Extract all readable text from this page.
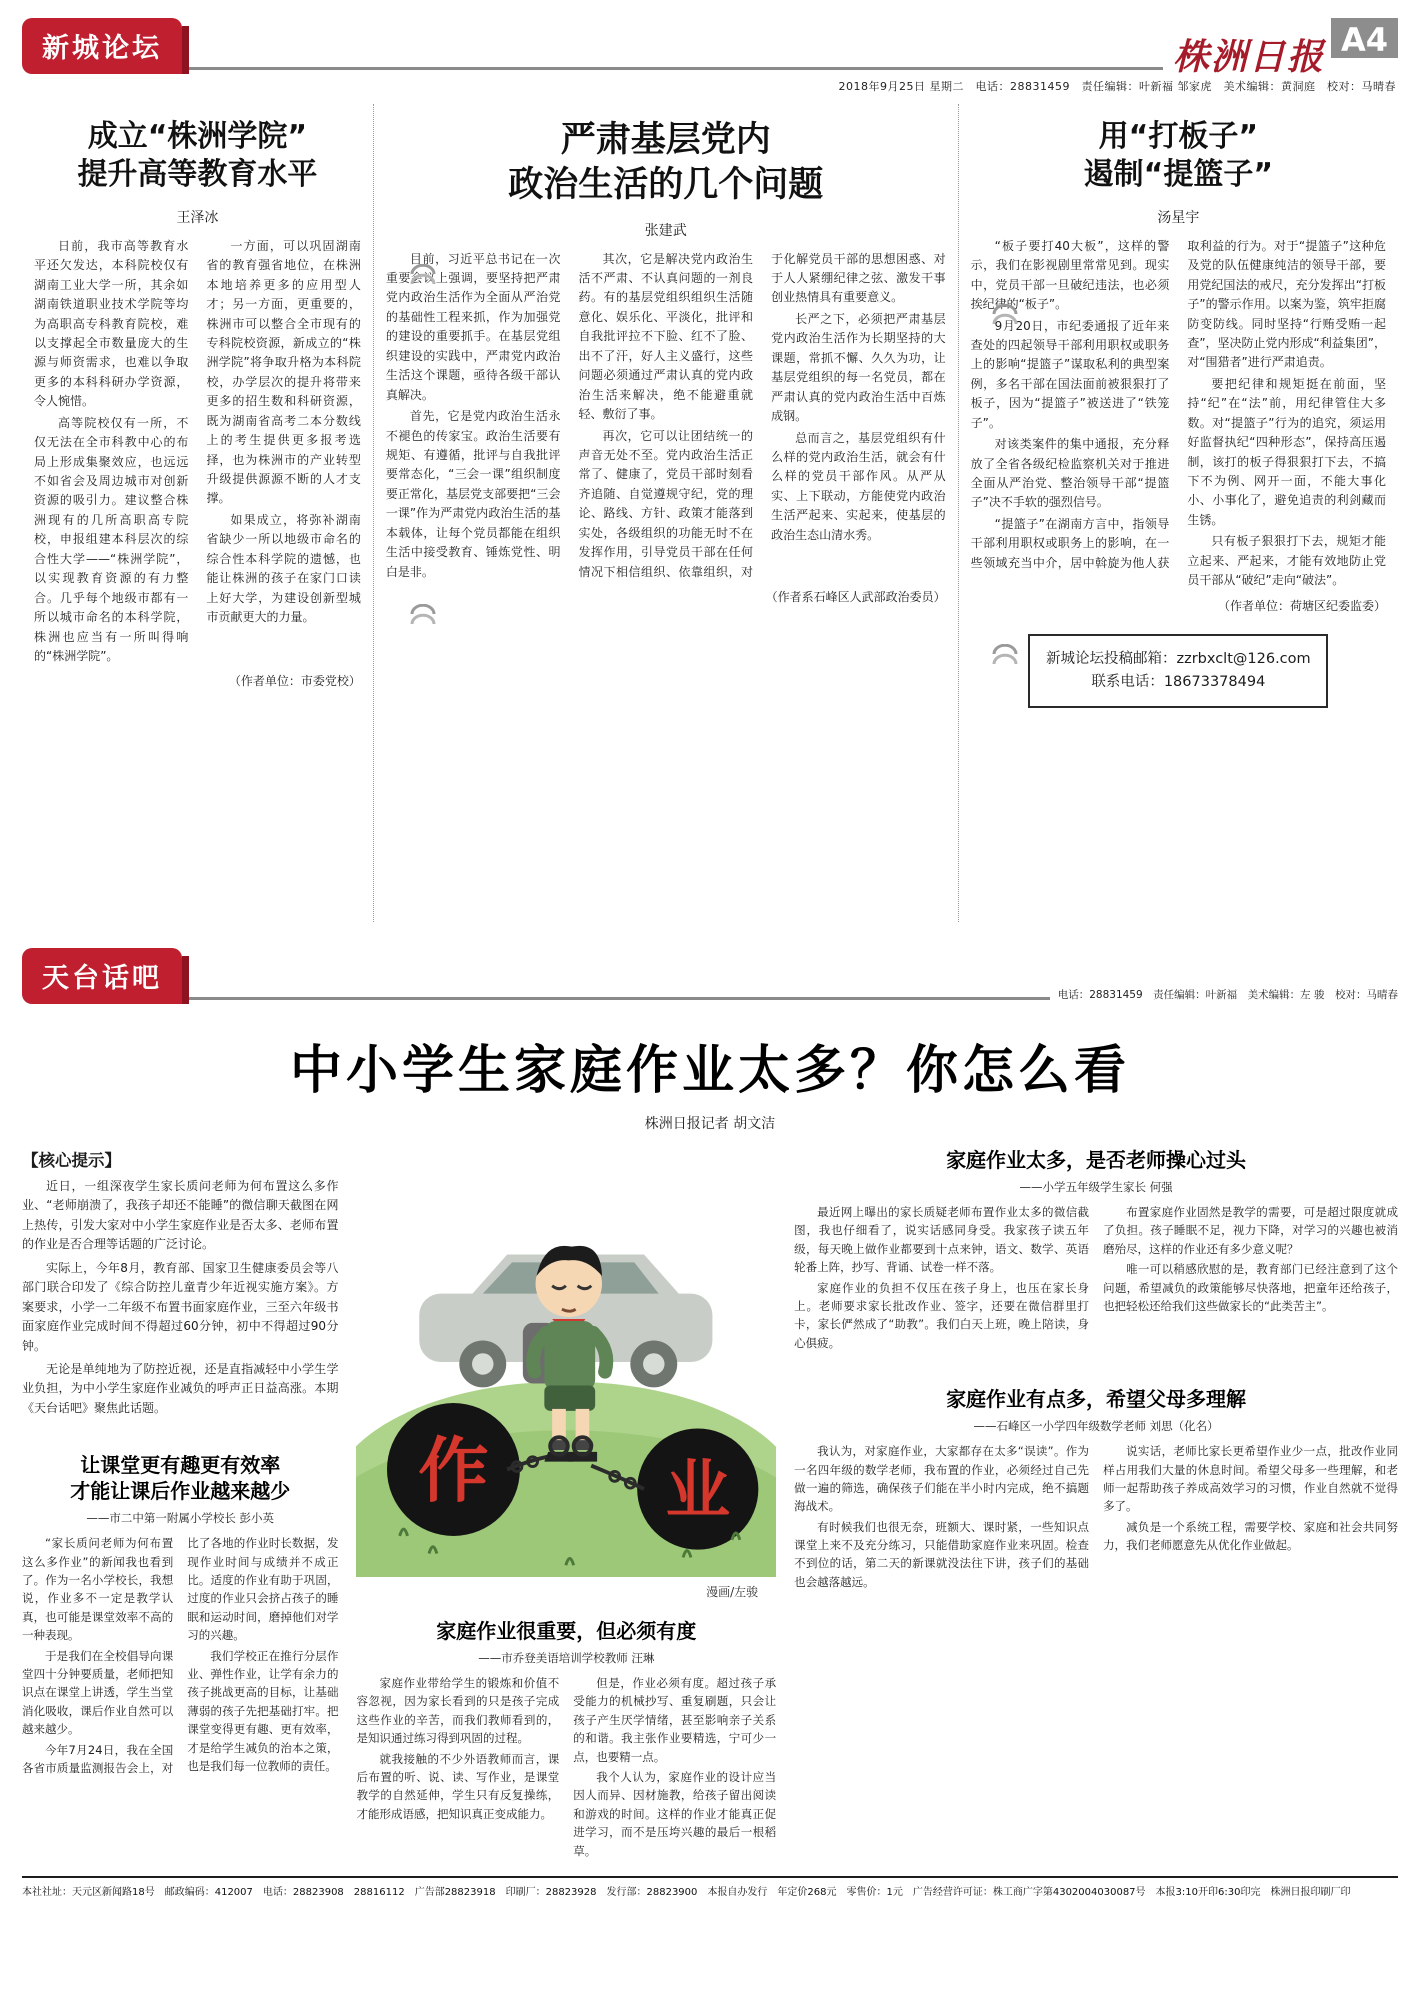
新城论坛	株洲日报 A4
2018年9月25日 星期二　电话：28831459　责任编辑：叶新福 邹家虎　美术编辑：黄洞庭　校对：马晴春
成立“株洲学院”
提升高等教育水平
王泽冰

日前，我市高等教育水平还欠发达，本科院校仅有湖南工业大学一所，其余如湖南铁道职业技术学院等均为高职高专科教育院校，难以支撑起全市数量庞大的生源与师资需求，也难以争取更多的本科科研办学资源，令人惋惜。

高等院校仅有一所，不仅无法在全市科教中心的布局上形成集聚效应，也远远不如省会及周边城市对创新资源的吸引力。建议整合株洲现有的几所高职高专院校，申报组建本科层次的综合性大学——“株洲学院”，以实现教育资源的有力整合。几乎每个地级市都有一所以城市命名的本科学院，株洲也应当有一所叫得响的“株洲学院”。

一方面，可以巩固湖南省的教育强省地位，在株洲本地培养更多的应用型人才；另一方面，更重要的，株洲市可以整合全市现有的专科院校资源，新成立的“株洲学院”将争取升格为本科院校，办学层次的提升将带来更多的招生数和科研资源，既为湖南省高考二本分数线上的考生提供更多报考选择，也为株洲市的产业转型升级提供源源不断的人才支撑。

如果成立，将弥补湖南省缺少一所以地级市命名的综合性本科学院的遗憾，也能让株洲的孩子在家门口读上好大学，为建设创新型城市贡献更大的力量。

（作者单位：市委党校）
严肃基层党内
政治生活的几个问题
张建武

目前，习近平总书记在一次重要会议上强调，要坚持把严肃党内政治生活作为全面从严治党的基础性工程来抓，作为加强党的建设的重要抓手。在基层党组织建设的实践中，严肃党内政治生活这个课题，亟待各级干部认真解决。

首先，它是党内政治生活永不褪色的传家宝。政治生活要有规矩、有遵循，批评与自我批评要常态化，“三会一课”组织制度要正常化，基层党支部要把“三会一课”作为严肃党内政治生活的基本载体，让每个党员都能在组织生活中接受教育、锤炼党性、明白是非。

其次，它是解决党内政治生活不严肃、不认真问题的一剂良药。有的基层党组织组织生活随意化、娱乐化、平淡化，批评和自我批评拉不下脸、红不了脸、出不了汗，好人主义盛行，这些问题必须通过严肃认真的党内政治生活来解决，绝不能避重就轻、敷衍了事。

再次，它可以让团结统一的声音无处不至。党内政治生活正常了、健康了，党员干部时刻看齐追随、自觉遵规守纪，党的理论、路线、方针、政策才能落到实处，各级组织的功能无时不在发挥作用，引导党员干部在任何情况下相信组织、依靠组织，对于化解党员干部的思想困惑、对于人人紧绷纪律之弦、激发干事创业热情具有重要意义。

长严之下，必须把严肃基层党内政治生活作为长期坚持的大课题，常抓不懈、久久为功，让基层党组织的每一名党员，都在严肃认真的党内政治生活中百炼成钢。

总而言之，基层党组织有什么样的党内政治生活，就会有什么样的党员干部作风。从严从实、上下联动，方能使党内政治生活严起来、实起来，使基层的政治生态山清水秀。

（作者系石峰区人武部政治委员）
用“打板子”
遏制“提篮子”
汤星宇

“板子要打40大板”，这样的警示，我们在影视剧里常常见到。现实中，党员干部一旦破纪违法，也必须挨纪律的“板子”。

9月20日，市纪委通报了近年来查处的四起领导干部利用职权或职务上的影响“提篮子”谋取私利的典型案例，多名干部在国法面前被狠狠打了板子，因为“提篮子”被送进了“铁笼子”。

对该类案件的集中通报，充分释放了全省各级纪检监察机关对于推进全面从严治党、整治领导干部“提篮子”决不手软的强烈信号。

“提篮子”在湖南方言中，指领导干部利用职权或职务上的影响，在一些领域充当中介，居中斡旋为他人获取利益的行为。对于“提篮子”这种危及党的队伍健康纯洁的领导干部，要用党纪国法的戒尺，充分发挥出“打板子”的警示作用。以案为鉴，筑牢拒腐防变防线。同时坚持“行贿受贿一起查”，坚决防止党内形成“利益集团”，对“围猎者”进行严肃追责。

要把纪律和规矩挺在前面，坚持“纪”在“法”前，用纪律管住大多数。对“提篮子”行为的追究，须运用好监督执纪“四种形态”，保持高压遏制，该打的板子得狠狠打下去，不搞下不为例、网开一面，不能大事化小、小事化了，避免追责的利剑藏而生锈。

只有板子狠狠打下去，规矩才能立起来、严起来，才能有效地防止党员干部从“破纪”走向“破法”。

（作者单位：荷塘区纪委监委）
新城论坛投稿邮箱：zzrbxclt@126.com
联系电话：18673378494
天台话吧
电话：28831459　责任编辑：叶新福　美术编辑：左 骏　校对：马晴春
中小学生家庭作业太多？你怎么看
株洲日报记者 胡文洁
【核心提示】

近日，一组深夜学生家长质问老师为何布置这么多作业、“老师崩溃了，我孩子却还不能睡”的微信聊天截图在网上热传，引发大家对中小学生家庭作业是否太多、老师布置的作业是否合理等话题的广泛讨论。

实际上，今年8月，教育部、国家卫生健康委员会等八部门联合印发了《综合防控儿童青少年近视实施方案》。方案要求，小学一二年级不布置书面家庭作业，三至六年级书面家庭作业完成时间不得超过60分钟，初中不得超过90分钟。

无论是单纯地为了防控近视，还是直指减轻中小学生学业负担，为中小学生家庭作业减负的呼声正日益高涨。本期《天台话吧》聚焦此话题。

让课堂更有趣更有效率
才能让课后作业越来越少
——市二中第一附属小学校长 彭小英

“家长质问老师为何布置这么多作业”的新闻我也看到了。作为一名小学校长，我想说，作业多不一定是教学认真，也可能是课堂效率不高的一种表现。

于是我们在全校倡导向课堂四十分钟要质量，老师把知识点在课堂上讲透，学生当堂消化吸收，课后作业自然可以越来越少。

今年7月24日，我在全国各省市质量监测报告会上，对比了各地的作业时长数据，发现作业时间与成绩并不成正比。适度的作业有助于巩固，过度的作业只会挤占孩子的睡眠和运动时间，磨掉他们对学习的兴趣。

我们学校正在推行分层作业、弹性作业，让学有余力的孩子挑战更高的目标，让基础薄弱的孩子先把基础打牢。把课堂变得更有趣、更有效率，才是给学生减负的治本之策，也是我们每一位教师的责任。

作	业
漫画/左骏
家庭作业很重要，但必须有度
——市乔登美语培训学校教师 汪琳

家庭作业带给学生的锻炼和价值不容忽视，因为家长看到的只是孩子完成这些作业的辛苦，而我们教师看到的，是知识通过练习得到巩固的过程。

就我接触的不少外语教师而言，课后布置的听、说、读、写作业，是课堂教学的自然延伸，学生只有反复操练，才能形成语感，把知识真正变成能力。

但是，作业必须有度。超过孩子承受能力的机械抄写、重复刷题，只会让孩子产生厌学情绪，甚至影响亲子关系的和谐。我主张作业要精选，宁可少一点，也要精一点。

我个人认为，家庭作业的设计应当因人而异、因材施教，给孩子留出阅读和游戏的时间。这样的作业才能真正促进学习，而不是压垮兴趣的最后一根稻草。

家庭作业太多，是否老师操心过头
——小学五年级学生家长 何强

最近网上曝出的家长质疑老师布置作业太多的微信截图，我也仔细看了，说实话感同身受。我家孩子读五年级，每天晚上做作业都要到十点来钟，语文、数学、英语轮番上阵，抄写、背诵、试卷一样不落。

家庭作业的负担不仅压在孩子身上，也压在家长身上。老师要求家长批改作业、签字，还要在微信群里打卡，家长俨然成了“助教”。我们白天上班，晚上陪读，身心俱疲。

布置家庭作业固然是教学的需要，可是超过限度就成了负担。孩子睡眠不足，视力下降，对学习的兴趣也被消磨殆尽，这样的作业还有多少意义呢？

唯一可以稍感欣慰的是，教育部门已经注意到了这个问题，希望减负的政策能够尽快落地，把童年还给孩子，也把轻松还给我们这些做家长的“此类苦主”。

家庭作业有点多，希望父母多理解
——石峰区一小学四年级数学老师 刘思（化名）

我认为，对家庭作业，大家都存在太多“误读”。作为一名四年级的数学老师，我布置的作业，必须经过自己先做一遍的筛选，确保孩子们能在半小时内完成，绝不搞题海战术。

有时候我们也很无奈，班额大、课时紧，一些知识点课堂上来不及充分练习，只能借助家庭作业来巩固。检查不到位的话，第二天的新课就没法往下讲，孩子们的基础也会越落越远。

说实话，老师比家长更希望作业少一点，批改作业同样占用我们大量的休息时间。希望父母多一些理解，和老师一起帮助孩子养成高效学习的习惯，作业自然就不觉得多了。

减负是一个系统工程，需要学校、家庭和社会共同努力，我们老师愿意先从优化作业做起。

本社社址：天元区新闻路18号　邮政编码：412007　电话：28823908　28816112　广告部28823918　印刷厂：28823928　发行部：28823900　本报自办发行　年定价268元　零售价：1元　广告经营许可证：株工商广字第4302004030087号　本报3:10开印6:30印完　株洲日报印刷厂印
